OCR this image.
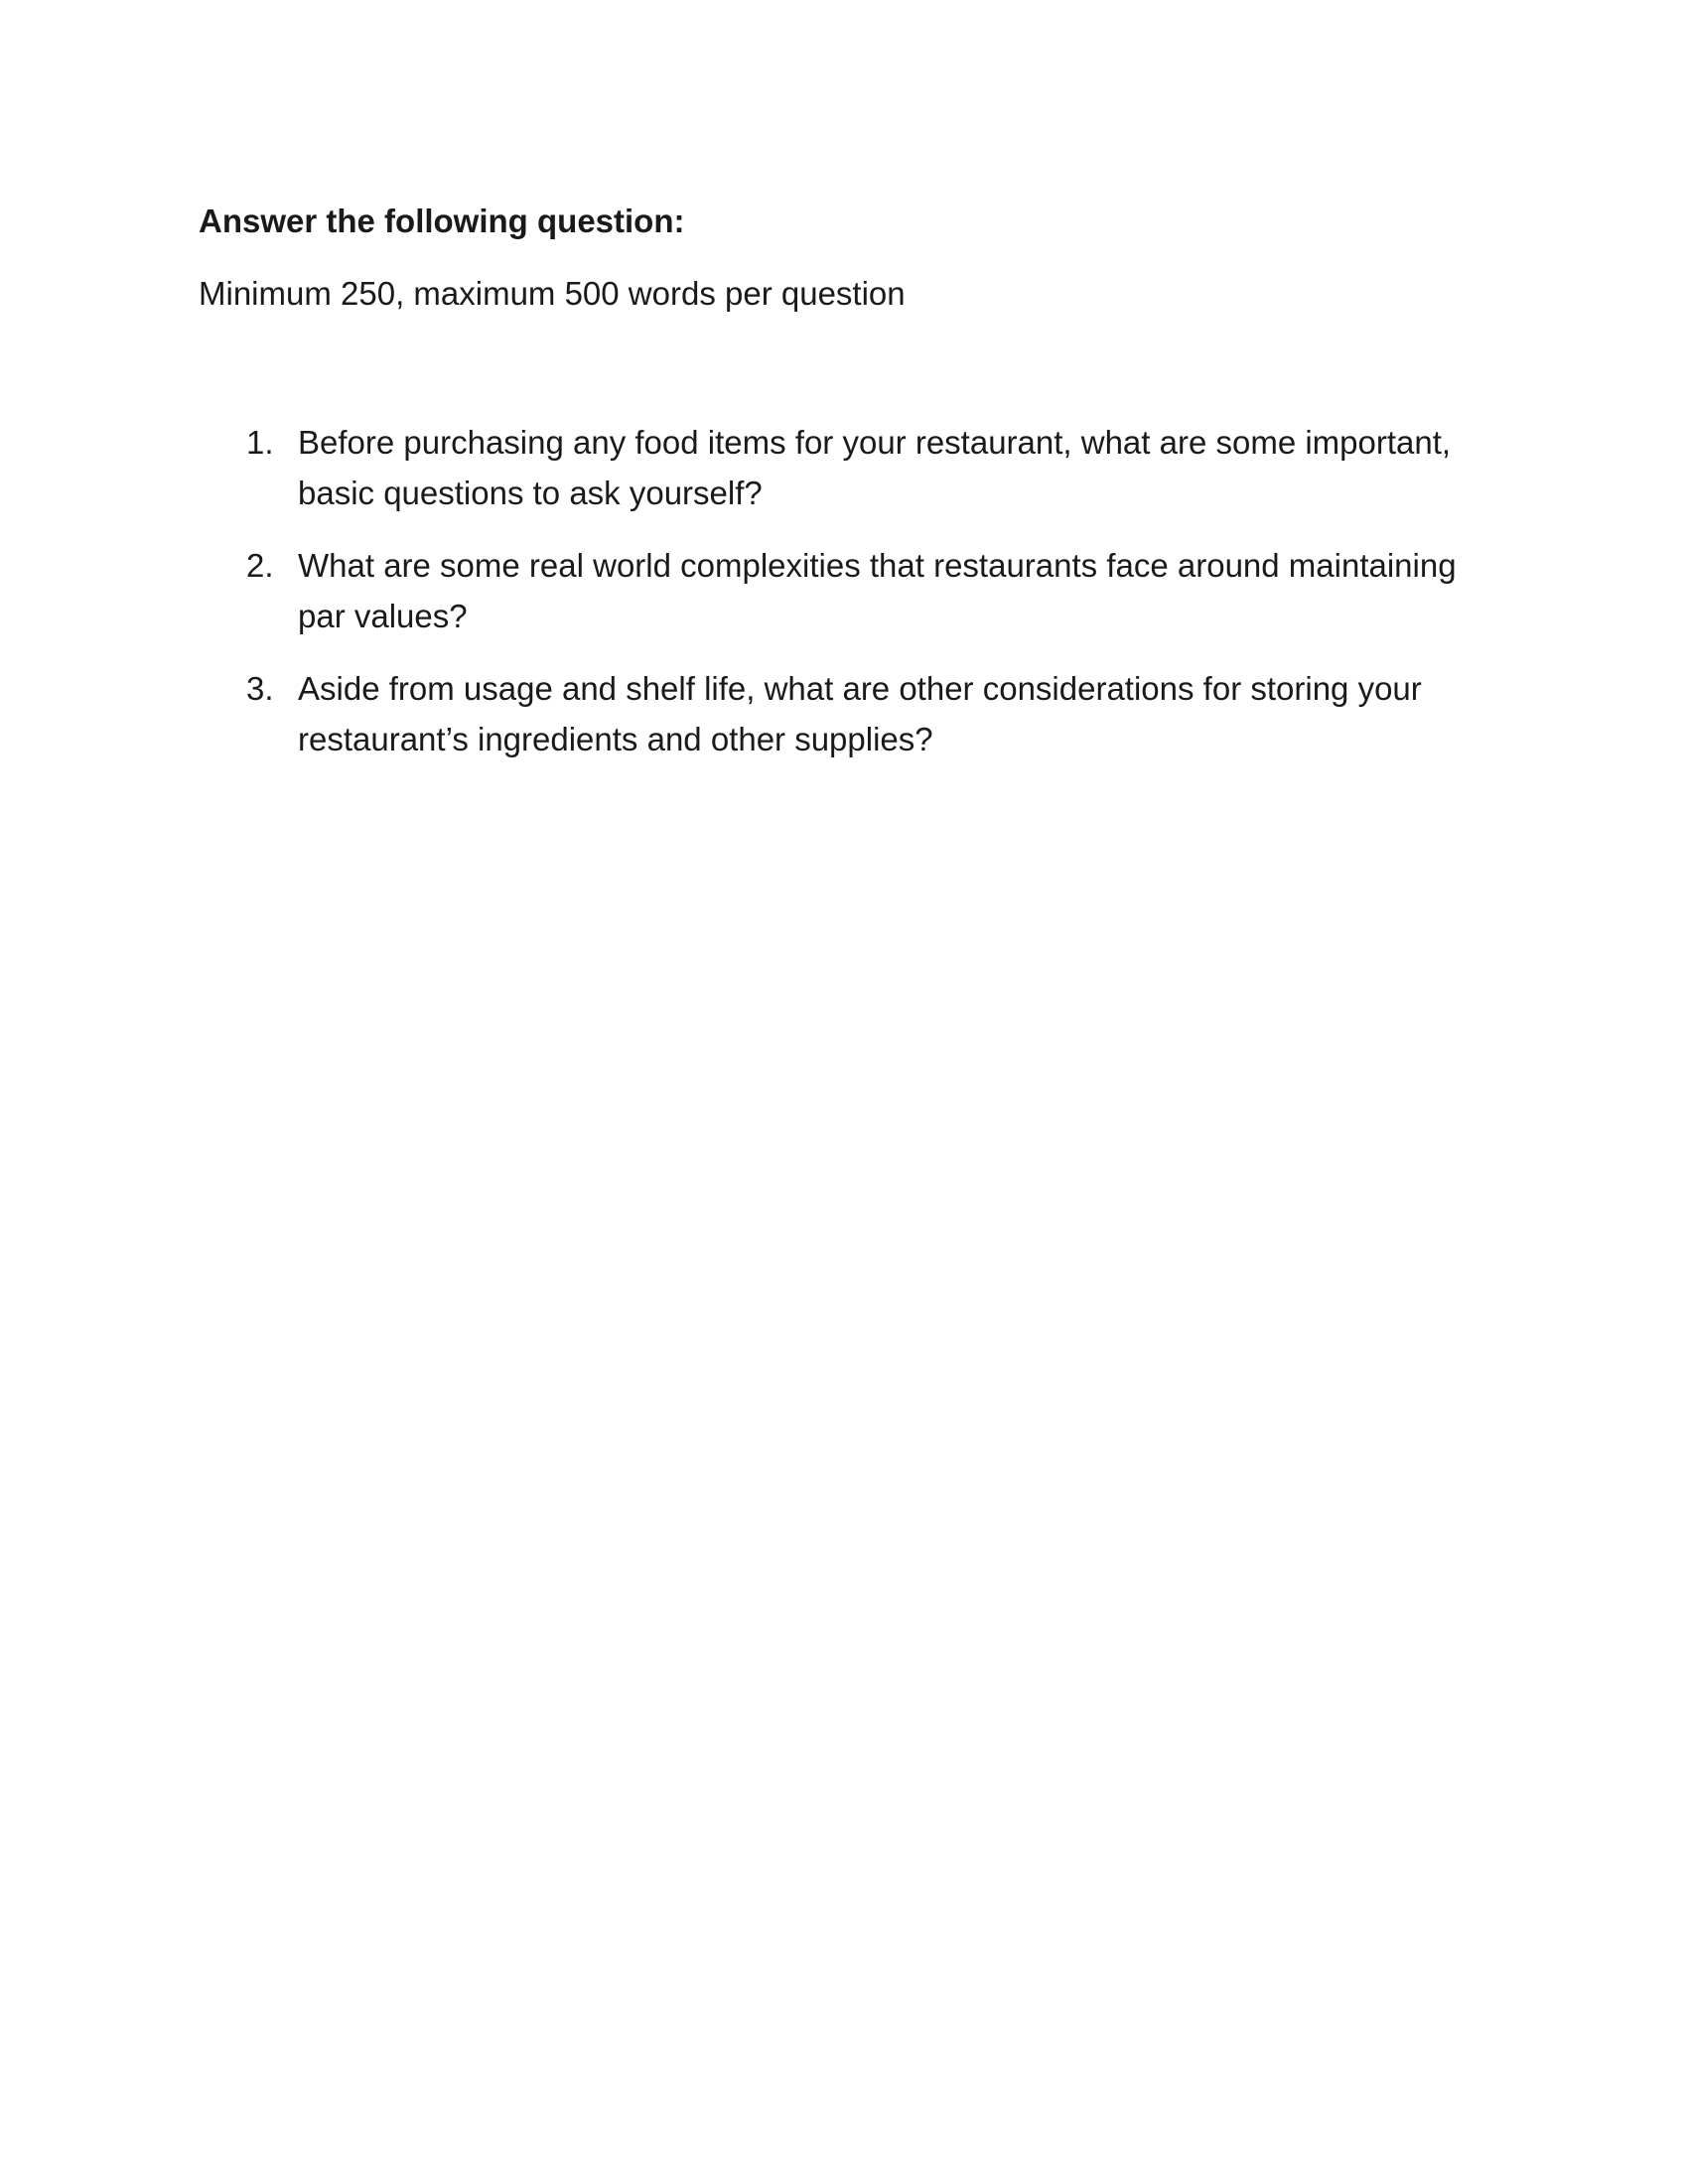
Answer the following question:
Minimum 250, maximum 500 words per question
1. Before purchasing any food items for your restaurant, what are some important, basic questions to ask yourself?
2. What are some real world complexities that restaurants face around maintaining par values?
3. Aside from usage and shelf life, what are other considerations for storing your restaurant’s ingredients and other supplies?
